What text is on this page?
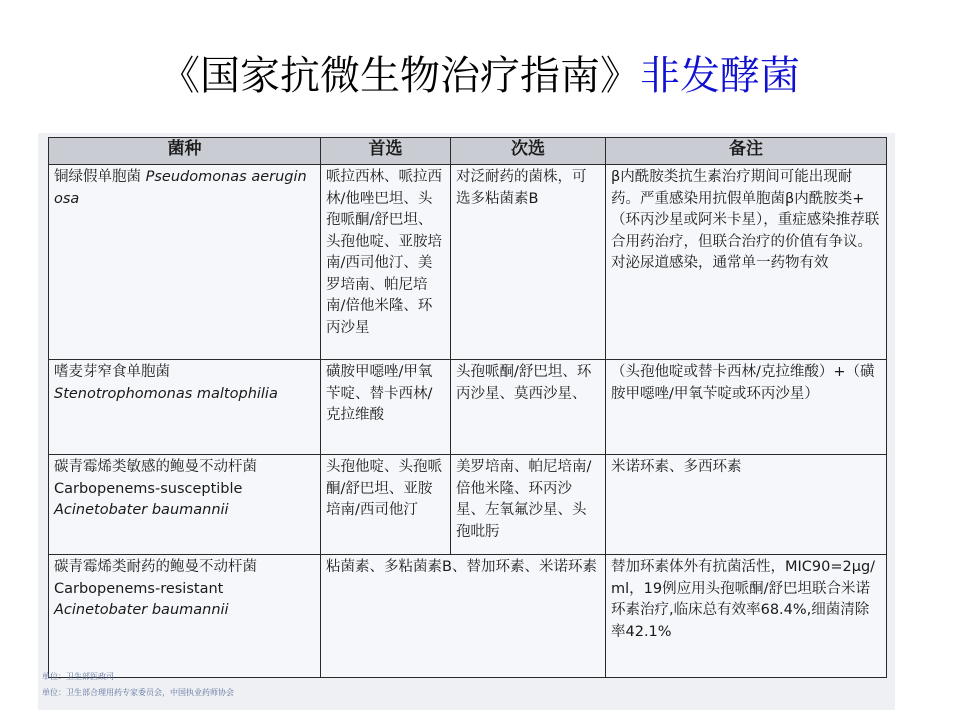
《国家抗微生物治疗指南》非发酵菌
菌种	首选	次选	备注
铜绿假单胞菌 Pseudomonas aeruginosa	哌拉西林、哌拉西林/他唑巴坦、头孢哌酮/舒巴坦、头孢他啶、亚胺培南/西司他汀、美罗培南、帕尼培南/倍他米隆、环丙沙星	对泛耐药的菌株，可选多粘菌素B	β内酰胺类抗生素治疗期间可能出现耐药。严重感染用抗假单胞菌β内酰胺类+（环丙沙星或阿米卡星），重症感染推荐联合用药治疗，但联合治疗的价值有争议。对泌尿道感染，通常单一药物有效

嗜麦芽窄食单胞菌
Stenotrophomonas maltophilia	磺胺甲噁唑/甲氧苄啶、替卡西林/克拉维酸	头孢哌酮/舒巴坦、环丙沙星、莫西沙星、	（头孢他啶或替卡西林/克拉维酸）+（磺胺甲噁唑/甲氧苄啶或环丙沙星）

碳青霉烯类敏感的鲍曼不动杆菌
Carbopenems-susceptible
Acinetobater baumannii	头孢他啶、头孢哌酮/舒巴坦、亚胺培南/西司他汀	美罗培南、帕尼培南/倍他米隆、环丙沙星、左氧氟沙星、头孢吡肟	米诺环素、多西环素

碳青霉烯类耐药的鲍曼不动杆菌
Carbopenems-resistant
Acinetobater baumannii	粘菌素、多粘菌素B、替加环素、米诺环素		替加环素体外有抗菌活性，MIC90=2μg/ml，19例应用头孢哌酮/舒巴坦联合米诺环素治疗,临床总有效率68.4%,细菌清除率42.1%
单位：卫生部医政司
单位：卫生部合理用药专家委员会，中国执业药师协会
